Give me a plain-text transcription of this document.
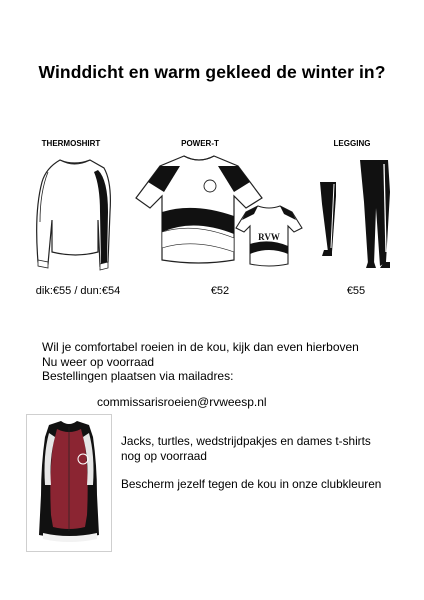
Winddicht en warm gekleed de winter in?
THERMOSHIRT	POWER-T	LEGGING
RVW
dik:€55 / dun:€54	€52	€55
Wil je comfortabel roeien in de kou, kijk dan even hierboven
Nu weer op voorraad
Bestellingen plaatsen via mailadres:
commissarisroeien@rvweesp.nl
Jacks, turtles, wedstrijdpakjes en dames t-shirts
nog op voorraad
Bescherm jezelf tegen de kou in onze clubkleuren
